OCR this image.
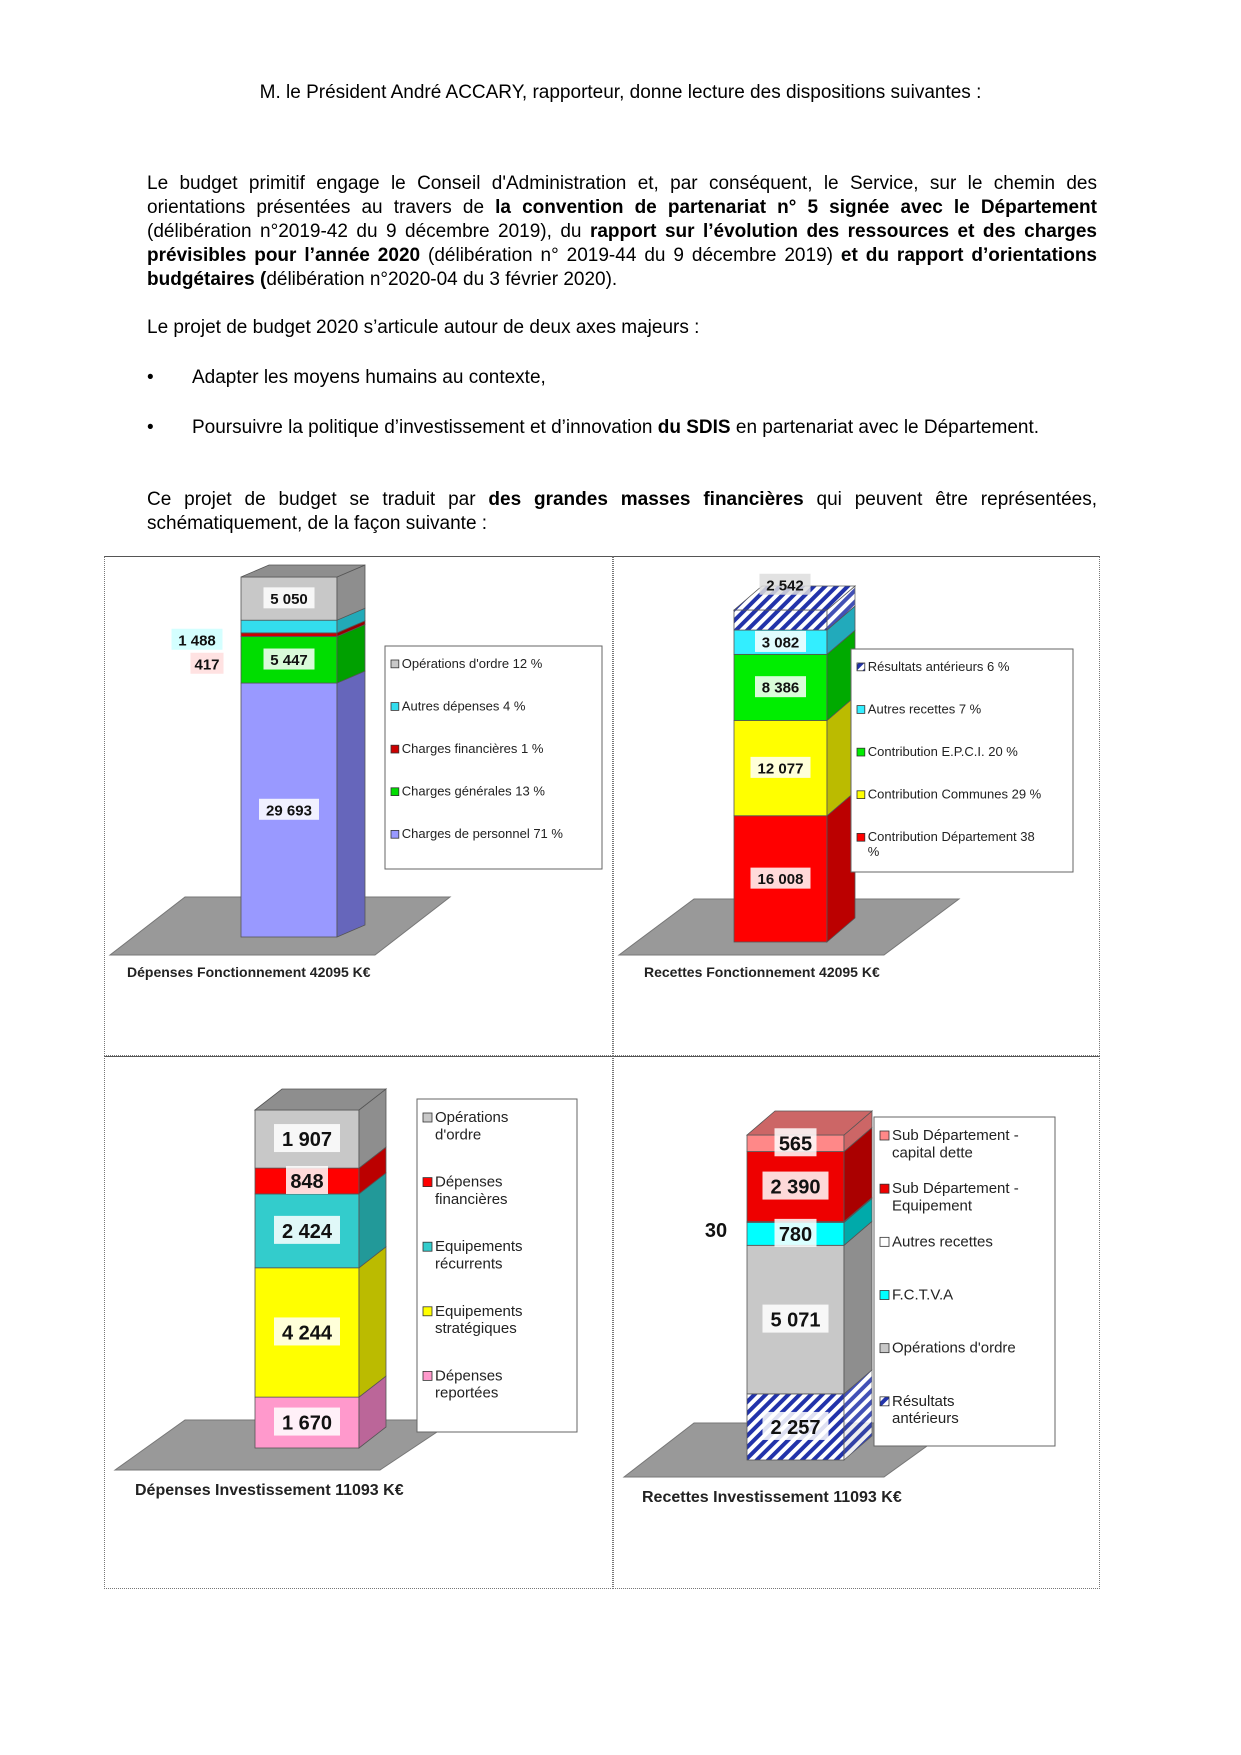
M. le Président André ACCARY, rapporteur, donne lecture des dispositions suivantes :
Le budget primitif engage le Conseil d'Administration et, par conséquent, le Service, sur le chemin des orientations présentées au travers de la convention de partenariat n° 5 signée avec le Département (délibération n°2019-42 du 9 décembre 2019), du rapport sur l’évolution des ressources et des charges prévisibles pour l’année 2020 (délibération n° 2019-44 du 9 décembre 2019) et du rapport d’orientations budgétaires (délibération n°2020-04 du 3 février 2020).
Le projet de budget 2020 s’articule autour de deux axes majeurs :
•	Adapter les moyens humains au contexte,
•	Poursuivre la politique d’investissement et d’innovation du SDIS en partenariat avec le Département.
Ce projet de budget se traduit par des grandes masses financières qui peuvent être représentées, schématiquement, de la façon suivante :
29 693
5 447
417
1 488
5 050
Opérations d'ordre 12 %
Autres dépenses 4 %
Charges financières 1 %
Charges générales 13 %
Charges de personnel 71 %
Dépenses Fonctionnement 42095 K€
16 008
12 077
8 386
3 082
2 542
Résultats antérieurs 6 %
Autres recettes 7 %
Contribution E.P.C.I. 20 %
Contribution Communes 29 %
Contribution Département 38 %
Recettes Fonctionnement 42095 K€
1 670
4 244
2 424
848
1 907
Opérations d'ordre
Dépenses financières
Equipements récurrents
Equipements stratégiques
Dépenses reportées
Dépenses Investissement 11093 K€
2 257
5 071
780
30
2 390
565	Sub Département -capital dette
Sub Département -Equipement
Autres recettes
F.C.T.V.A
Opérations d'ordre
Résultats antérieurs
Recettes Investissement 11093 K€
